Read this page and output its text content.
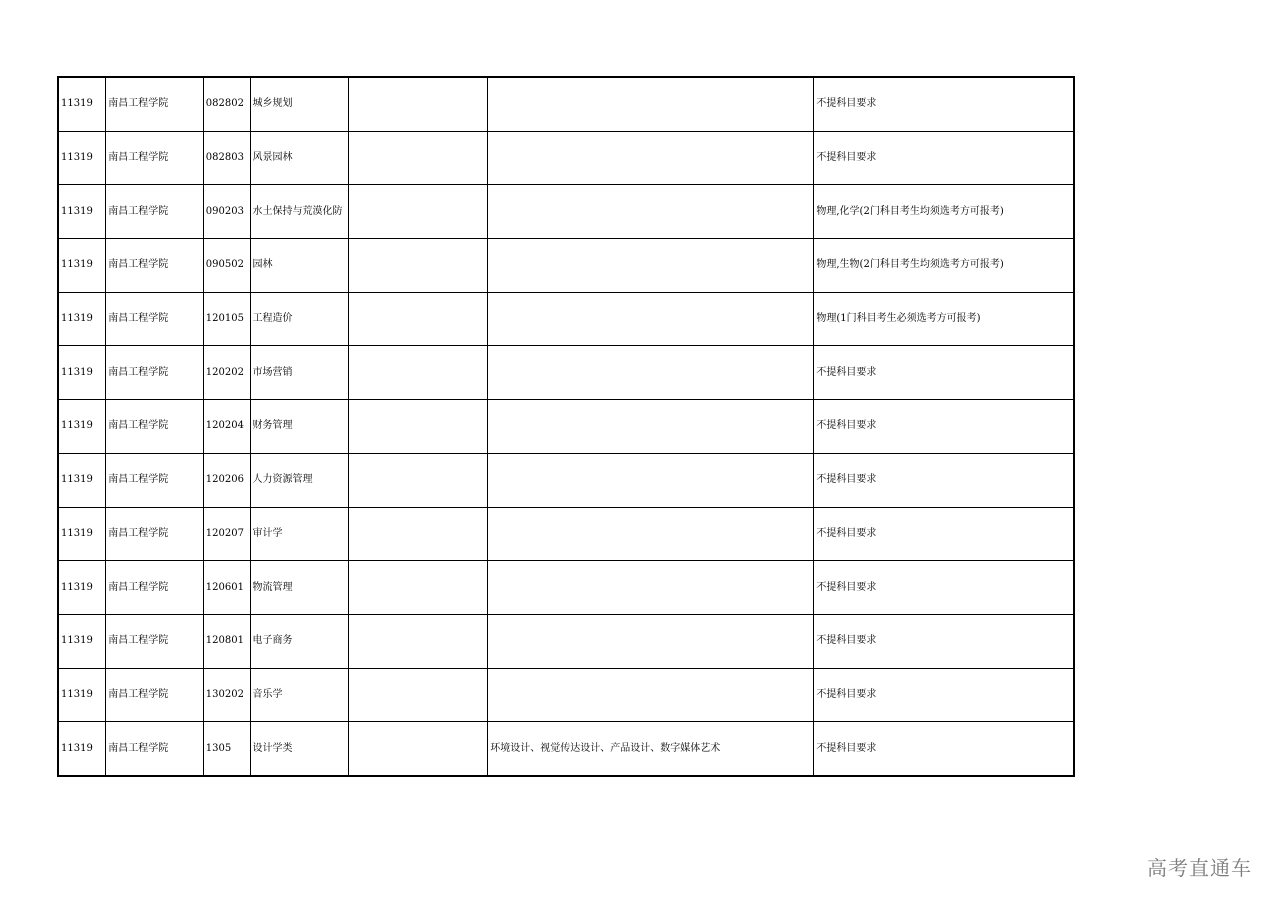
11319	南昌工程学院	082802	城乡规划			不提科目要求
11319	南昌工程学院	082803	风景园林			不提科目要求
11319	南昌工程学院	090203	水土保持与荒漠化防			物理,化学(2门科目考生均须选考方可报考)
11319	南昌工程学院	090502	园林			物理,生物(2门科目考生均须选考方可报考)
11319	南昌工程学院	120105	工程造价			物理(1门科目考生必须选考方可报考)
11319	南昌工程学院	120202	市场营销			不提科目要求
11319	南昌工程学院	120204	财务管理			不提科目要求
11319	南昌工程学院	120206	人力资源管理			不提科目要求
11319	南昌工程学院	120207	审计学			不提科目要求
11319	南昌工程学院	120601	物流管理			不提科目要求
11319	南昌工程学院	120801	电子商务			不提科目要求
11319	南昌工程学院	130202	音乐学			不提科目要求
11319	南昌工程学院	1305	设计学类		环境设计、视觉传达设计、产品设计、数字媒体艺术	不提科目要求
高考直通车
